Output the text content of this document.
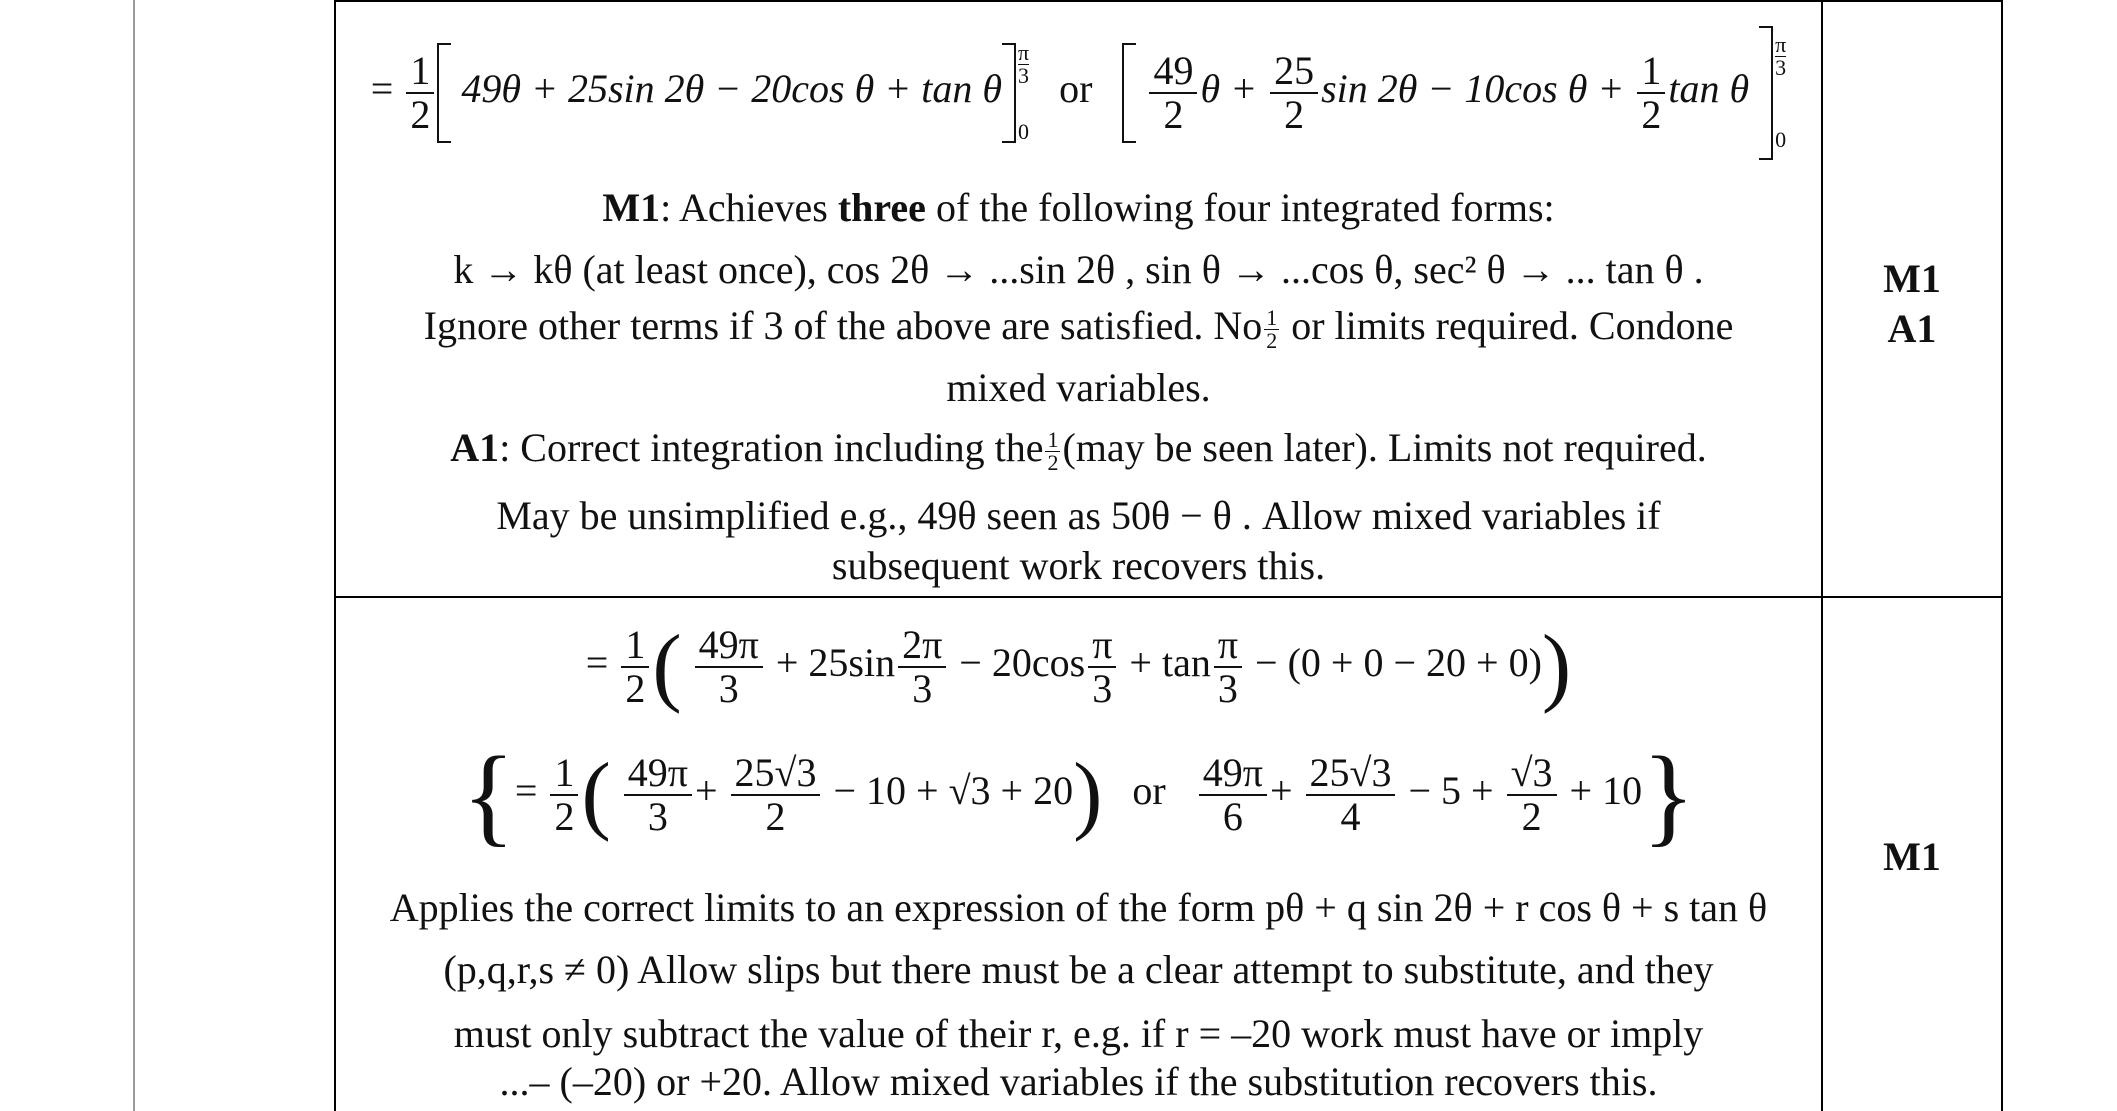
= $\frac{1}{2} 49\theta + 25\sin$ 2θ − 20cos θ + tan θ
π
3
0
or $\frac{49}{2}$ $\theta + \frac{25}{2}$ sin 2θ − 10cos $\theta + \frac{1}{2}$ tan θ
π
3
0
M1: Achieves three of the following four integrated forms:
k → kθ (at least once), cos 2θ → ...sin 2θ , sin θ → ...cos θ, sec² θ → ... tan θ .
Ignore other terms if 3 of the above are satisfied. No $\frac{1}{2}$ or limits required. Condone
mixed variables.
A1: Correct integration including the $\frac{1}{2} (may$ be seen later). Limits not required.
May be unsimplified e.g., 49θ seen as 50θ − θ . Allow mixed variables if
subsequent work recovers this.
M1
A1
= $\frac{1}{2}$ ( $\frac{49\pi}{3} + 25\sin \frac{2\pi}{3} - 20\cos \frac{\pi}{3} + \tan \frac{\pi}{3} - (0 + 0 - 20 + 0)$)
{= $\frac{1}{2}$ ( $\frac{49\pi}{3} + \frac{25√3}{2} - 10 + √3 + 20$) or $\frac{49\pi}{6} + \frac{25√3}{4} - 5 + \frac{√3}{2} + 10$}
Applies the correct limits to an expression of the form pθ + q sin 2θ + r cos θ + s tan θ
(p,q,r,s ≠ 0) Allow slips but there must be a clear attempt to substitute, and they
must only subtract the value of their r, e.g. if r = –20 work must have or imply
...– (–20) or +20. Allow mixed variables if the substitution recovers this.
M1
